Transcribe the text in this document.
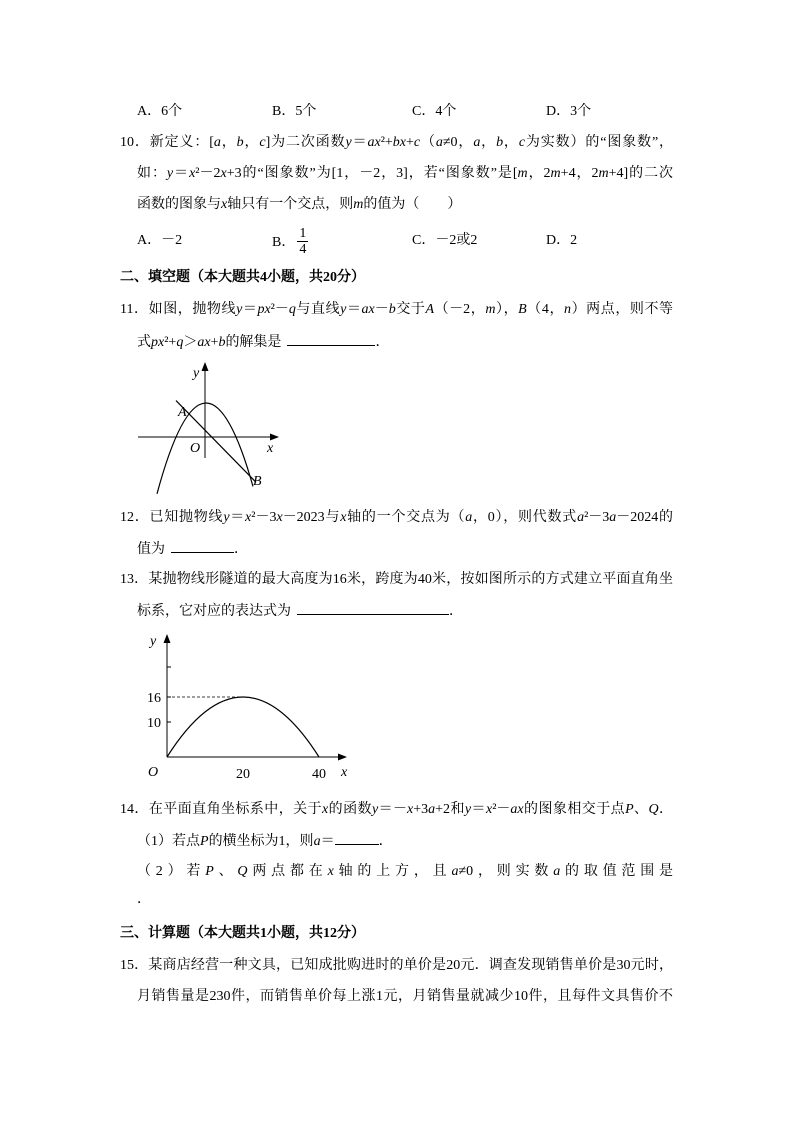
A．6个	B．5个	C．4个	D．3个
10．新定义：[a，b，c]为二次函数y＝ax²+bx+c（a≠0，a，b，c为实数）的“图象数”，
如：y＝x²－2x+3的“图象数”为[1，－2，3]，若“图象数”是[m，2m+4，2m+4]的二次
函数的图象与x轴只有一个交点，则m的值为（　　）
A．－2	B． $\frac{1}{4}$	C．－2或2	D．2
二、填空题（本大题共4小题，共20分）
11．如图，抛物线y＝px²－q与直线y＝ax－b交于A（－2，m），B（4，n）两点，则不等
式px²+q＞ax+b的解集是	．
y
A
O	x
B
12．已知抛物线y＝x²－3x－2023与x轴的一个交点为（a，0），则代数式a²－3a－2024的
值为	．
13．某抛物线形隧道的最大高度为16米，跨度为40米，按如图所示的方式建立平面直角坐
标系，它对应的表达式为	．
y
16
10
O	20	40 x
14．在平面直角坐标系中，关于x的函数y＝－x+3a+2和y＝x²－ax的图象相交于点P、Q．
（1）若点P的横坐标为1，则a＝	．
（2）若P、Q两点都在x轴的上方，且a≠0，则实数a的取值范围是
．
三、计算题（本大题共1小题，共12分）
15．某商店经营一种文具，已知成批购进时的单价是20元．调查发现销售单价是30元时，
月销售量是230件，而销售单价每上涨1元，月销售量就减少10件，且每件文具售价不
